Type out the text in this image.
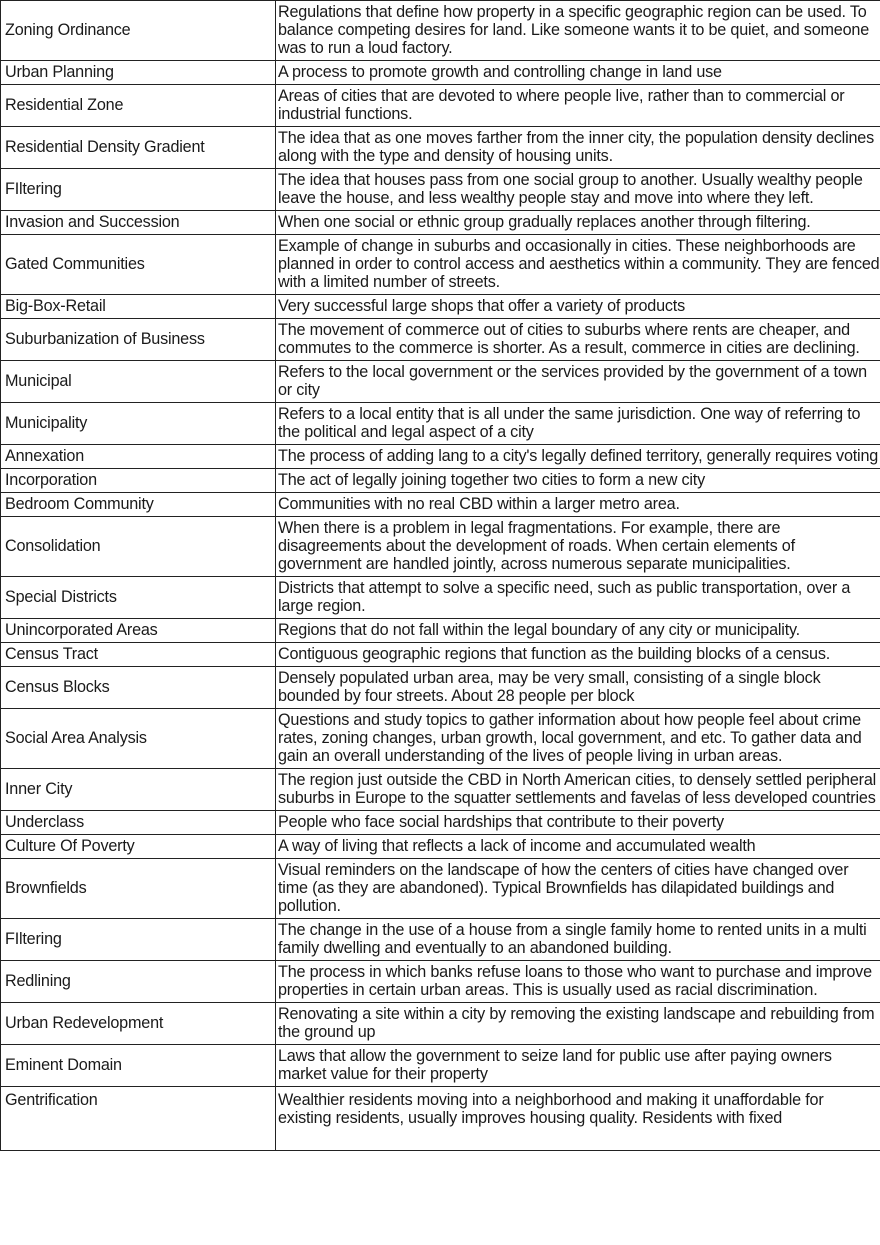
Zoning Ordinance	Regulations that define how property in a specific geographic region can be used. To balance competing desires for land. Like someone wants it to be quiet, and someone was to run a loud factory.
Urban Planning	A process to promote growth and controlling change in land use
Residential Zone	Areas of cities that are devoted to where people live, rather than to commercial or industrial functions.
Residential Density Gradient	The idea that as one moves farther from the inner city, the population density declines along with the type and density of housing units.
FIltering	The idea that houses pass from one social group to another. Usually wealthy people leave the house, and less wealthy people stay and move into where they left.
Invasion and Succession	When one social or ethnic group gradually replaces another through filtering.
Gated Communities	Example of change in suburbs and occasionally in cities. These neighborhoods are planned in order to control access and aesthetics within a community. They are fenced with a limited number of streets.
Big-Box-Retail	Very successful large shops that offer a variety of products
Suburbanization of Business	The movement of commerce out of cities to suburbs where rents are cheaper, and commutes to the commerce is shorter. As a result, commerce in cities are declining.
Municipal	Refers to the local government or the services provided by the government of a town or city
Municipality	Refers to a local entity that is all under the same jurisdiction. One way of referring to the political and legal aspect of a city
Annexation	The process of adding lang to a city's legally defined territory, generally requires voting
Incorporation	The act of legally joining together two cities to form a new city
Bedroom Community	Communities with no real CBD within a larger metro area.
Consolidation	When there is a problem in legal fragmentations. For example, there are disagreements about the development of roads. When certain elements of government are handled jointly, across numerous separate municipalities.
Special Districts	Districts that attempt to solve a specific need, such as public transportation, over a large region.
Unincorporated Areas	Regions that do not fall within the legal boundary of any city or municipality.
Census Tract	Contiguous geographic regions that function as the building blocks of a census.
Census Blocks	Densely populated urban area, may be very small, consisting of a single block bounded by four streets. About 28 people per block
Social Area Analysis	Questions and study topics to gather information about how people feel about crime rates, zoning changes, urban growth, local government, and etc. To gather data and gain an overall understanding of the lives of people living in urban areas.
Inner City	The region just outside the CBD in North American cities, to densely settled peripheral suburbs in Europe to the squatter settlements and favelas of less developed countries
Underclass	People who face social hardships that contribute to their poverty
Culture Of Poverty	A way of living that reflects a lack of income and accumulated wealth
Brownfields	Visual reminders on the landscape of how the centers of cities have changed over time (as they are abandoned). Typical Brownfields has dilapidated buildings and pollution.
FIltering	The change in the use of a house from a single family home to rented units in a multi family dwelling and eventually to an abandoned building.
Redlining	The process in which banks refuse loans to those who want to purchase and improve properties in certain urban areas. This is usually used as racial discrimination.
Urban Redevelopment	Renovating a site within a city by removing the existing landscape and rebuilding from the ground up
Eminent Domain	Laws that allow the government to seize land for public use after paying owners market value for their property
Gentrification	Wealthier residents moving into a neighborhood and making it unaffordable for existing residents, usually improves housing quality. Residents with fixed
